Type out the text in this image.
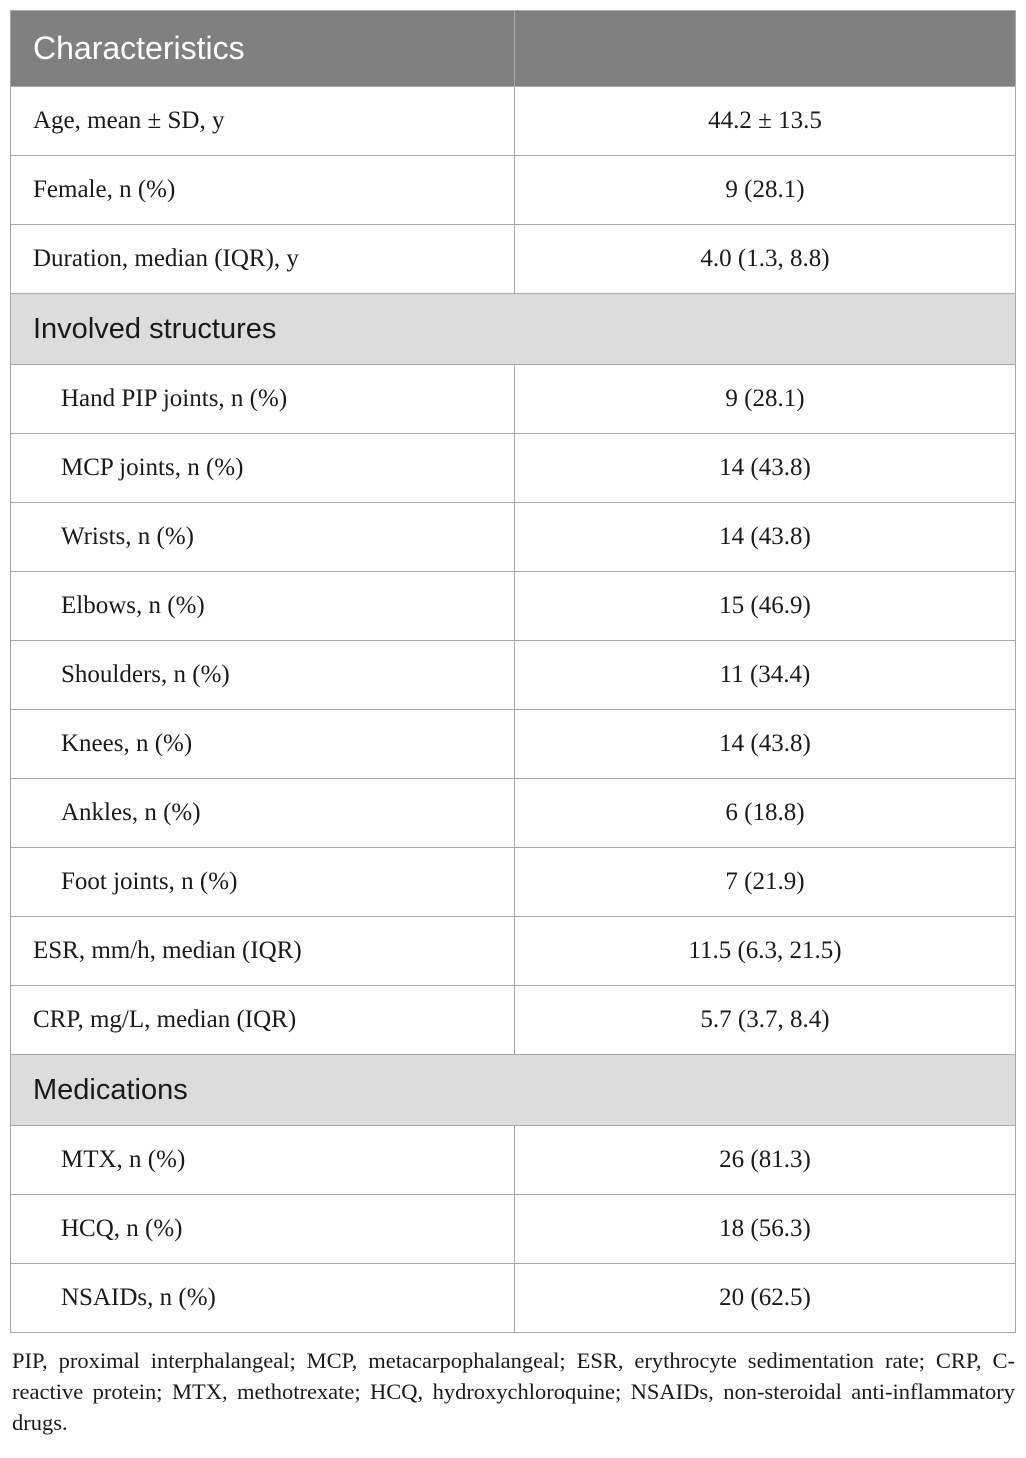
Characteristics	
Age, mean ± SD, y	44.2 ± 13.5
Female, n (%)	9 (28.1)
Duration, median (IQR), y	4.0 (1.3, 8.8)
Involved structures	
Hand PIP joints, n (%)	9 (28.1)
MCP joints, n (%)	14 (43.8)
Wrists, n (%)	14 (43.8)
Elbows, n (%)	15 (46.9)
Shoulders, n (%)	11 (34.4)
Knees, n (%)	14 (43.8)
Ankles, n (%)	6 (18.8)
Foot joints, n (%)	7 (21.9)
ESR, mm/h, median (IQR)	11.5 (6.3, 21.5)
CRP, mg/L, median (IQR)	5.7 (3.7, 8.4)
Medications	
MTX, n (%)	26 (81.3)
HCQ, n (%)	18 (56.3)
NSAIDs, n (%)	20 (62.5)

PIP, proximal interphalangeal; MCP, metacarpophalangeal; ESR, erythrocyte sedimentation rate; CRP, C-reactive protein; MTX, methotrexate; HCQ, hydroxychloroquine; NSAIDs, non-steroidal anti-inflammatory drugs.
